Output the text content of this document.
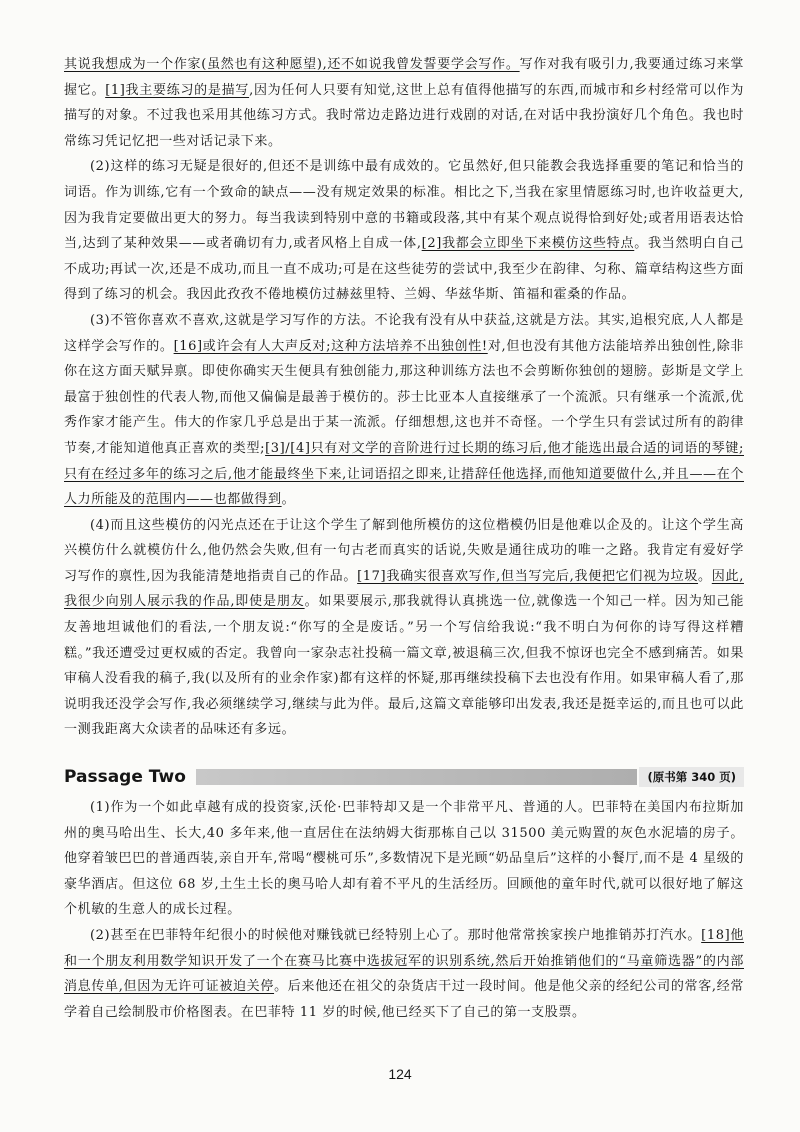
其说我想成为一个作家(虽然也有这种愿望),还不如说我曾发誓要学会写作。写作对我有吸引力,我要通过练习来掌握它。[1]我主要练习的是描写,因为任何人只要有知觉,这世上总有值得他描写的东西,而城市和乡村经常可以作为描写的对象。不过我也采用其他练习方式。我时常边走路边进行戏剧的对话,在对话中我扮演好几个角色。我也时常练习凭记忆把一些对话记录下来。

(2)这样的练习无疑是很好的,但还不是训练中最有成效的。它虽然好,但只能教会我选择重要的笔记和恰当的词语。作为训练,它有一个致命的缺点——没有规定效果的标准。相比之下,当我在家里情愿练习时,也许收益更大,因为我肯定要做出更大的努力。每当我读到特别中意的书籍或段落,其中有某个观点说得恰到好处;或者用语表达恰当,达到了某种效果——或者确切有力,或者风格上自成一体,[2]我都会立即坐下来模仿这些特点。我当然明白自己不成功;再试一次,还是不成功,而且一直不成功;可是在这些徒劳的尝试中,我至少在韵律、匀称、篇章结构这些方面得到了练习的机会。我因此孜孜不倦地模仿过赫兹里特、兰姆、华兹华斯、笛福和霍桑的作品。

(3)不管你喜欢不喜欢,这就是学习写作的方法。不论我有没有从中获益,这就是方法。其实,追根究底,人人都是这样学会写作的。[16]或许会有人大声反对;这种方法培养不出独创性!对,但也没有其他方法能培养出独创性,除非你在这方面天赋异禀。即使你确实天生便具有独创能力,那这种训练方法也不会剪断你独创的翅膀。彭斯是文学上最富于独创性的代表人物,而他又偏偏是最善于模仿的。莎士比亚本人直接继承了一个流派。只有继承一个流派,优秀作家才能产生。伟大的作家几乎总是出于某一流派。仔细想想,这也并不奇怪。一个学生只有尝试过所有的韵律节奏,才能知道他真正喜欢的类型;[3]/[4]只有对文学的音阶进行过长期的练习后,他才能选出最合适的词语的琴键;只有在经过多年的练习之后,他才能最终坐下来,让词语招之即来,让措辞任他选择,而他知道要做什么,并且——在个人力所能及的范围内——也都做得到。

(4)而且这些模仿的闪光点还在于让这个学生了解到他所模仿的这位楷模仍旧是他难以企及的。让这个学生高兴模仿什么就模仿什么,他仍然会失败,但有一句古老而真实的话说,失败是通往成功的唯一之路。我肯定有爱好学习写作的禀性,因为我能清楚地指责自己的作品。[17]我确实很喜欢写作,但当写完后,我便把它们视为垃圾。因此,我很少向别人展示我的作品,即使是朋友。如果要展示,那我就得认真挑选一位,就像选一个知己一样。因为知己能友善地坦诚他们的看法,一个朋友说:“你写的全是废话。”另一个写信给我说:“我不明白为何你的诗写得这样糟糕。”我还遭受过更权威的否定。我曾向一家杂志社投稿一篇文章,被退稿三次,但我不惊讶也完全不感到痛苦。如果审稿人没看我的稿子,我(以及所有的业余作家)都有这样的怀疑,那再继续投稿下去也没有作用。如果审稿人看了,那说明我还没学会写作,我必须继续学习,继续与此为伴。最后,这篇文章能够印出发表,我还是挺幸运的,而且也可以此一测我距离大众读者的品味还有多远。

Passage Two	(原书第 340 页)

(1)作为一个如此卓越有成的投资家,沃伦·巴菲特却又是一个非常平凡、普通的人。巴菲特在美国内布拉斯加州的奥马哈出生、长大,40 多年来,他一直居住在法纳姆大街那栋自己以 31500 美元购置的灰色水泥墙的房子。他穿着皱巴巴的普通西装,亲自开车,常喝“樱桃可乐”,多数情况下是光顾“奶品皇后”这样的小餐厅,而不是 4 星级的豪华酒店。但这位 68 岁,土生土长的奥马哈人却有着不平凡的生活经历。回顾他的童年时代,就可以很好地了解这个机敏的生意人的成长过程。

(2)甚至在巴菲特年纪很小的时候他对赚钱就已经特别上心了。那时他常常挨家挨户地推销苏打汽水。[18]他和一个朋友利用数学知识开发了一个在赛马比赛中选拔冠军的识别系统,然后开始推销他们的“马童筛选器”的内部消息传单,但因为无许可证被迫关停。后来他还在祖父的杂货店干过一段时间。他是他父亲的经纪公司的常客,经常学着自己绘制股市价格图表。在巴菲特 11 岁的时候,他已经买下了自己的第一支股票。

124
